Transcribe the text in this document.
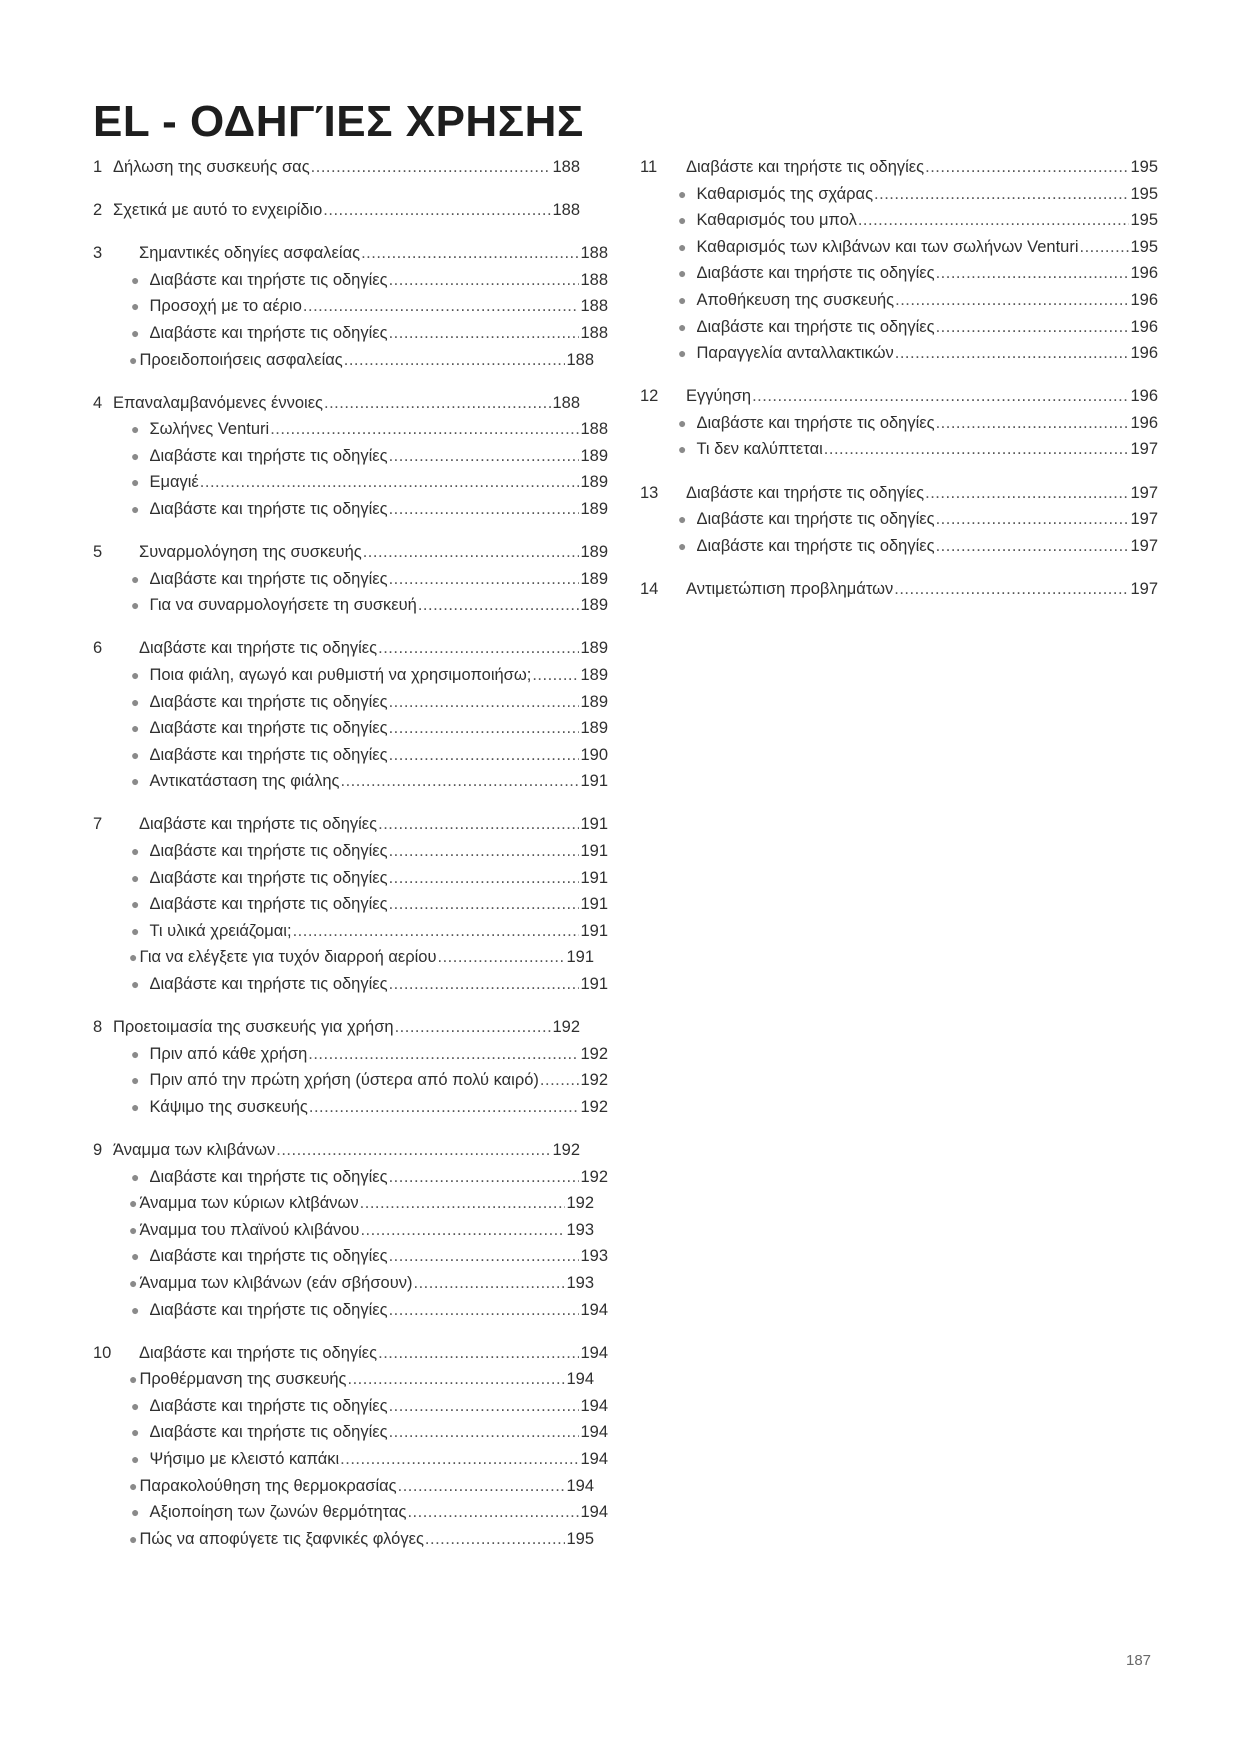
EL - ΟΔΗΓΊΕΣ ΧΡΗΣΗΣ
1 Δήλωση της συσκευής σας .....	188
2 Σχετικά με αυτό το ενχειρίδιο .....	188
3	Σημαντικές οδηγίες ασφαλείας .....	188
● Διαβάστε και τηρήστε τις οδηγίες .....	188
● Προσοχή με το αέριο .....	188
● Διαβάστε και τηρήστε τις οδηγίες .....	188
● Προειδοποιήσεις ασφαλείας .....	188
4 Επαναλαμβανόμενες έννοιες .....	188
● Σωλήνες Venturi .....	188
● Διαβάστε και τηρήστε τις οδηγίες .....	189
● Εμαγιέ .....	189
● Διαβάστε και τηρήστε τις οδηγίες .....	189
5	Συναρμολόγηση της συσκευής .....	189
● Διαβάστε και τηρήστε τις οδηγίες .....	189
● Για να συναρμολογήσετε τη συσκευή .....	189
6	Διαβάστε και τηρήστε τις οδηγίες .....	189
● Ποια φιάλη, αγωγό και ρυθμιστή να χρησιμοποιήσω; .....	189
● Διαβάστε και τηρήστε τις οδηγίες .....	189
● Διαβάστε και τηρήστε τις οδηγίες .....	189
● Διαβάστε και τηρήστε τις οδηγίες .....	190
● Αντικατάσταση της φιάλης .....	191
7	Διαβάστε και τηρήστε τις οδηγίες .....	191
● Διαβάστε και τηρήστε τις οδηγίες .....	191
● Διαβάστε και τηρήστε τις οδηγίες .....	191
● Διαβάστε και τηρήστε τις οδηγίες .....	191
● Τι υλικά χρειάζομαι; .....	191
● Για να ελέγξετε για τυχόν διαρροή αερίου .....	191
● Διαβάστε και τηρήστε τις οδηγίες .....	191
8 Προετοιμασία της συσκευής για χρήση .....	192
● Πριν από κάθε χρήση .....	192
● Πριν από την πρώτη χρήση (ύστερα από πολύ καιρό) .....	192
● Κάψιμο της συσκευής .....	192
9 Άναμμα των κλιβάνων .....	192
● Διαβάστε και τηρήστε τις οδηγίες .....	192
● Άναμμα των κύριων κλtβάνων .....	192
● Άναμμα του πλαϊνού κλιβάνου .....	193
● Διαβάστε και τηρήστε τις οδηγίες .....	193
● Άναμμα των κλιβάνων (εάν σβήσουν) .....	193
● Διαβάστε και τηρήστε τις οδηγίες .....	194
10	Διαβάστε και τηρήστε τις οδηγίες .....	194
● Προθέρμανση της συσκευής .....	194
● Διαβάστε και τηρήστε τις οδηγίες .....	194
● Διαβάστε και τηρήστε τις οδηγίες .....	194
● Ψήσιμο με κλειστό καπάκι .....	194
● Παρακολούθηση της θερμοκρασίας .....	194
● Αξιοποίηση των ζωνών θερμότητας .....	194
● Πώς να αποφύγετε τις ξαφνικές φλόγες .....	195
11	Διαβάστε και τηρήστε τις οδηγίες .....	195
● Καθαρισμός της σχάρας .....	195
● Καθαρισμός του μπολ .....	195
● Καθαρισμός των κλιβάνων και των σωλήνων Venturi .....	195
● Διαβάστε και τηρήστε τις οδηγίες .....	196
● Αποθήκευση της συσκευής .....	196
● Διαβάστε και τηρήστε τις οδηγίες .....	196
● Παραγγελία ανταλλακτικών .....	196
12	Εγγύηση .....	196
● Διαβάστε και τηρήστε τις οδηγίες .....	196
● Τι δεν καλύπτεται .....	197
13	Διαβάστε και τηρήστε τις οδηγίες .....	197
● Διαβάστε και τηρήστε τις οδηγίες .....	197
● Διαβάστε και τηρήστε τις οδηγίες .....	197
14	Αντιμετώπιση προβλημάτων .....	197
187
